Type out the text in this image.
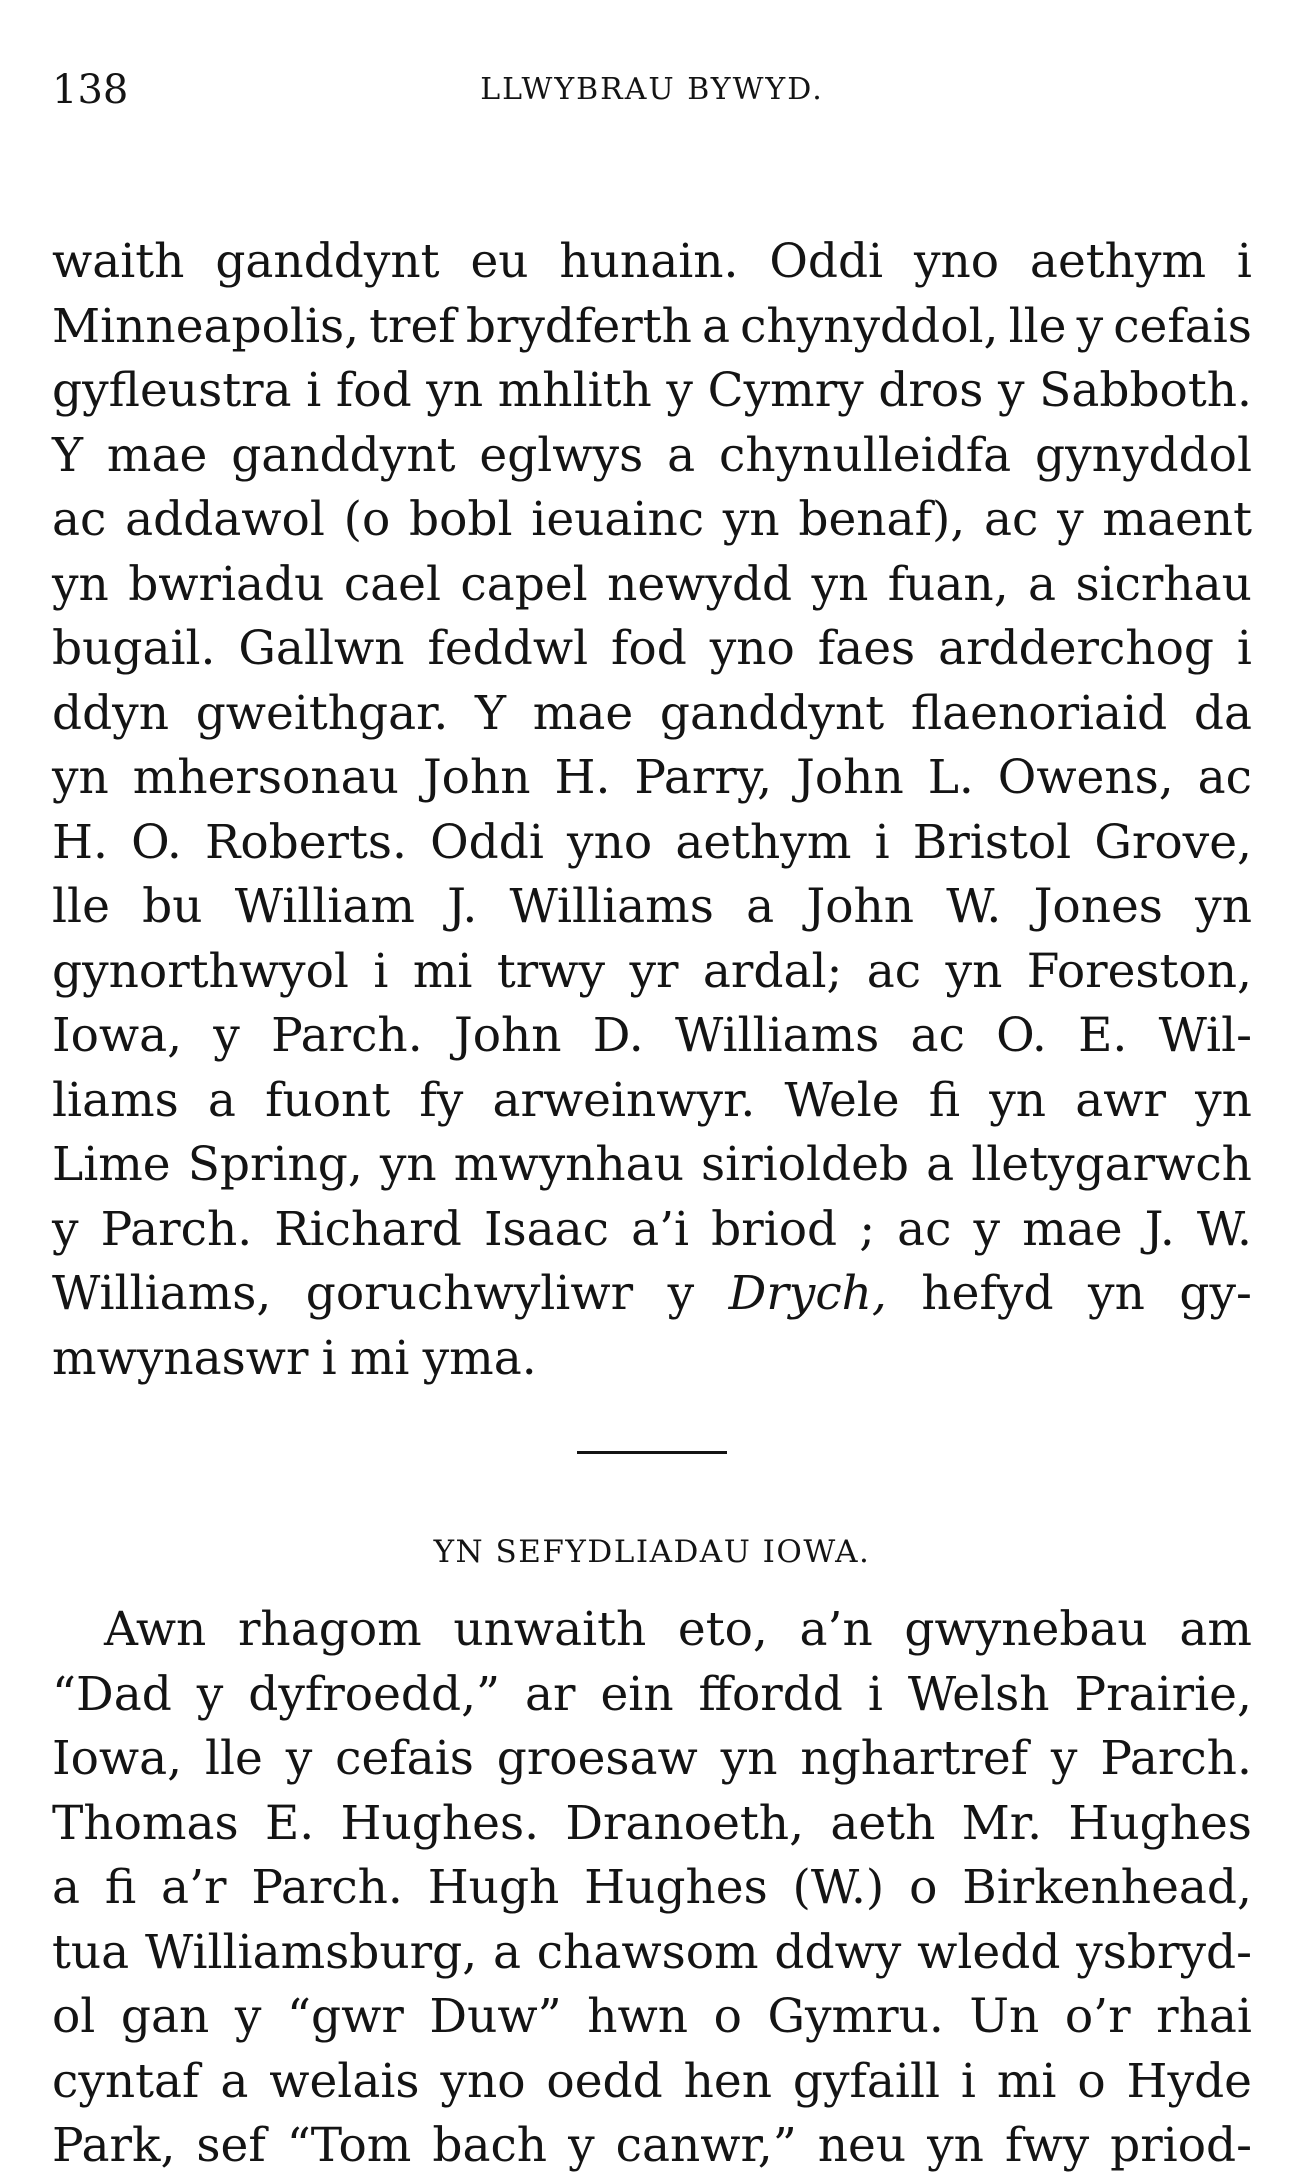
138	LLWYBRAU BYWYD.
waith ganddynt eu hunain. Oddi yno aethym i
Minneapolis, tref brydferth a chynyddol, lle y cefais
gyfleustra i fod yn mhlith y Cymry dros y Sabboth.
Y mae ganddynt eglwys a chynulleidfa gynyddol
ac addawol (o bobl ieuainc yn benaf), ac y maent
yn bwriadu cael capel newydd yn fuan, a sicrhau
bugail. Gallwn feddwl fod yno faes ardderchog i
ddyn gweithgar. Y mae ganddynt flaenoriaid da
yn mhersonau John H. Parry, John L. Owens, ac
H. O. Roberts. Oddi yno aethym i Bristol Grove,
lle bu William J. Williams a John W. Jones yn
gynorthwyol i mi trwy yr ardal; ac yn Foreston,
Iowa, y Parch. John D. Williams ac O. E. Wil-
liams a fuont fy arweinwyr. Wele fi yn awr yn
Lime Spring, yn mwynhau sirioldeb a lletygarwch
y Parch. Richard Isaac a’i briod ; ac y mae J. W.
Williams, goruchwyliwr y Drych, hefyd yn gy-
mwynaswr i mi yma.
YN SEFYDLIADAU IOWA.
Awn rhagom unwaith eto, a’n gwynebau am
“Dad y dyfroedd,” ar ein ffordd i Welsh Prairie,
Iowa, lle y cefais groesaw yn nghartref y Parch.
Thomas E. Hughes. Dranoeth, aeth Mr. Hughes
a fi a’r Parch. Hugh Hughes (W.) o Birkenhead,
tua Williamsburg, a chawsom ddwy wledd ysbryd-
ol gan y “gwr Duw” hwn o Gymru. Un o’r rhai
cyntaf a welais yno oedd hen gyfaill i mi o Hyde
Park, sef “Tom bach y canwr,” neu yn fwy priod-
